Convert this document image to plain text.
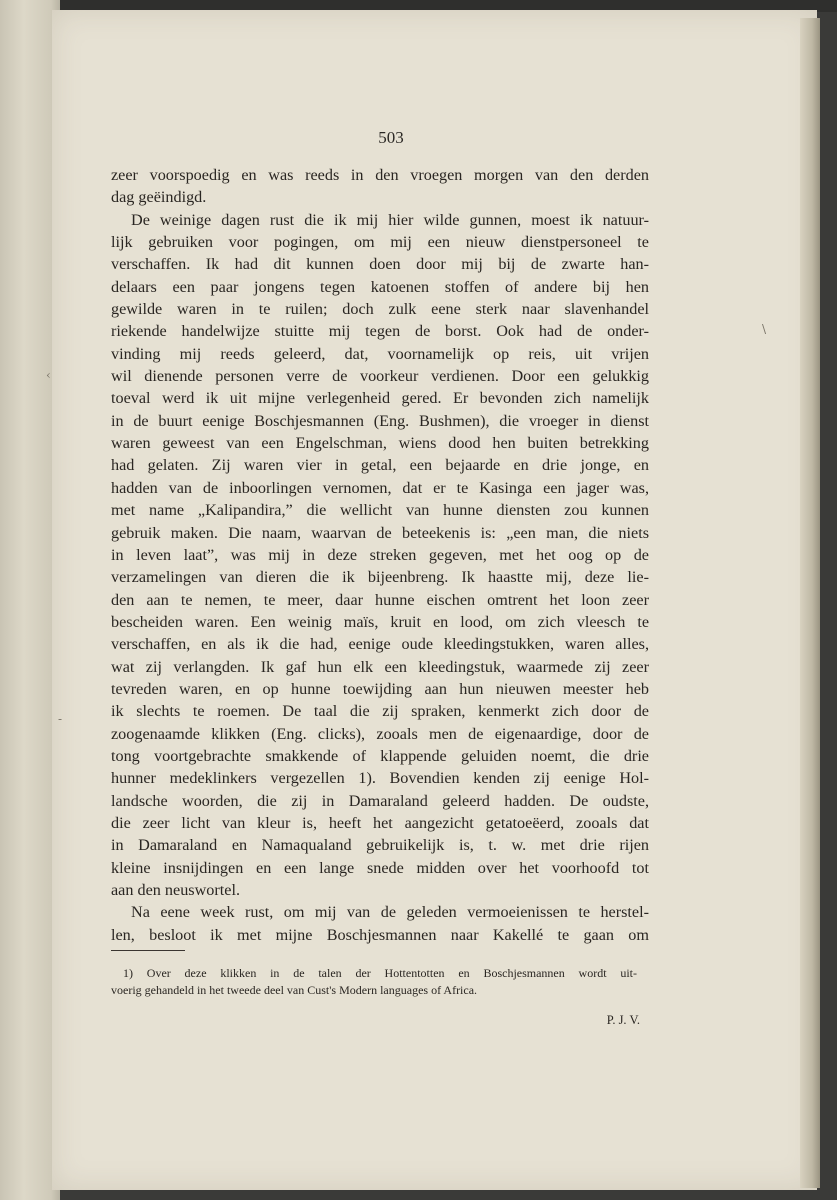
‹
\
-
503
zeer voorspoedig en was reeds in den vroegen morgen van den derden
dag geëindigd.
De weinige dagen rust die ik mij hier wilde gunnen, moest ik natuur-
lijk gebruiken voor pogingen, om mij een nieuw dienstpersoneel te
verschaffen. Ik had dit kunnen doen door mij bij de zwarte han-
delaars een paar jongens tegen katoenen stoffen of andere bij hen
gewilde waren in te ruilen; doch zulk eene sterk naar slavenhandel
riekende handelwijze stuitte mij tegen de borst. Ook had de onder-
vinding mij reeds geleerd, dat, voornamelijk op reis, uit vrijen
wil dienende personen verre de voorkeur verdienen. Door een gelukkig
toeval werd ik uit mijne verlegenheid gered. Er bevonden zich namelijk
in de buurt eenige Boschjesmannen (Eng. Bushmen), die vroeger in dienst
waren geweest van een Engelschman, wiens dood hen buiten betrekking
had gelaten. Zij waren vier in getal, een bejaarde en drie jonge, en
hadden van de inboorlingen vernomen, dat er te Kasinga een jager was,
met name „Kalipandira,” die wellicht van hunne diensten zou kunnen
gebruik maken. Die naam, waarvan de beteekenis is: „een man, die niets
in leven laat”, was mij in deze streken gegeven, met het oog op de
verzamelingen van dieren die ik bijeenbreng. Ik haastte mij, deze lie-
den aan te nemen, te meer, daar hunne eischen omtrent het loon zeer
bescheiden waren. Een weinig maïs, kruit en lood, om zich vleesch te
verschaffen, en als ik die had, eenige oude kleedingstukken, waren alles,
wat zij verlangden. Ik gaf hun elk een kleedingstuk, waarmede zij zeer
tevreden waren, en op hunne toewijding aan hun nieuwen meester heb
ik slechts te roemen. De taal die zij spraken, kenmerkt zich door de
zoogenaamde klikken (Eng. clicks), zooals men de eigenaardige, door de
tong voortgebrachte smakkende of klappende geluiden noemt, die drie
hunner medeklinkers vergezellen 1). Bovendien kenden zij eenige Hol-
landsche woorden, die zij in Damaraland geleerd hadden. De oudste,
die zeer licht van kleur is, heeft het aangezicht getatoeëerd, zooals dat
in Damaraland en Namaqualand gebruikelijk is, t. w. met drie rijen
kleine insnijdingen en een lange snede midden over het voorhoofd tot
aan den neuswortel.
Na eene week rust, om mij van de geleden vermoeienissen te herstel-
len, besloot ik met mijne Boschjesmannen naar Kakellé te gaan om
1) Over deze klikken in de talen der Hottentotten en Boschjesmannen wordt uit-
voerig gehandeld in het tweede deel van Cust's Modern languages of Africa.
P. J. V.
